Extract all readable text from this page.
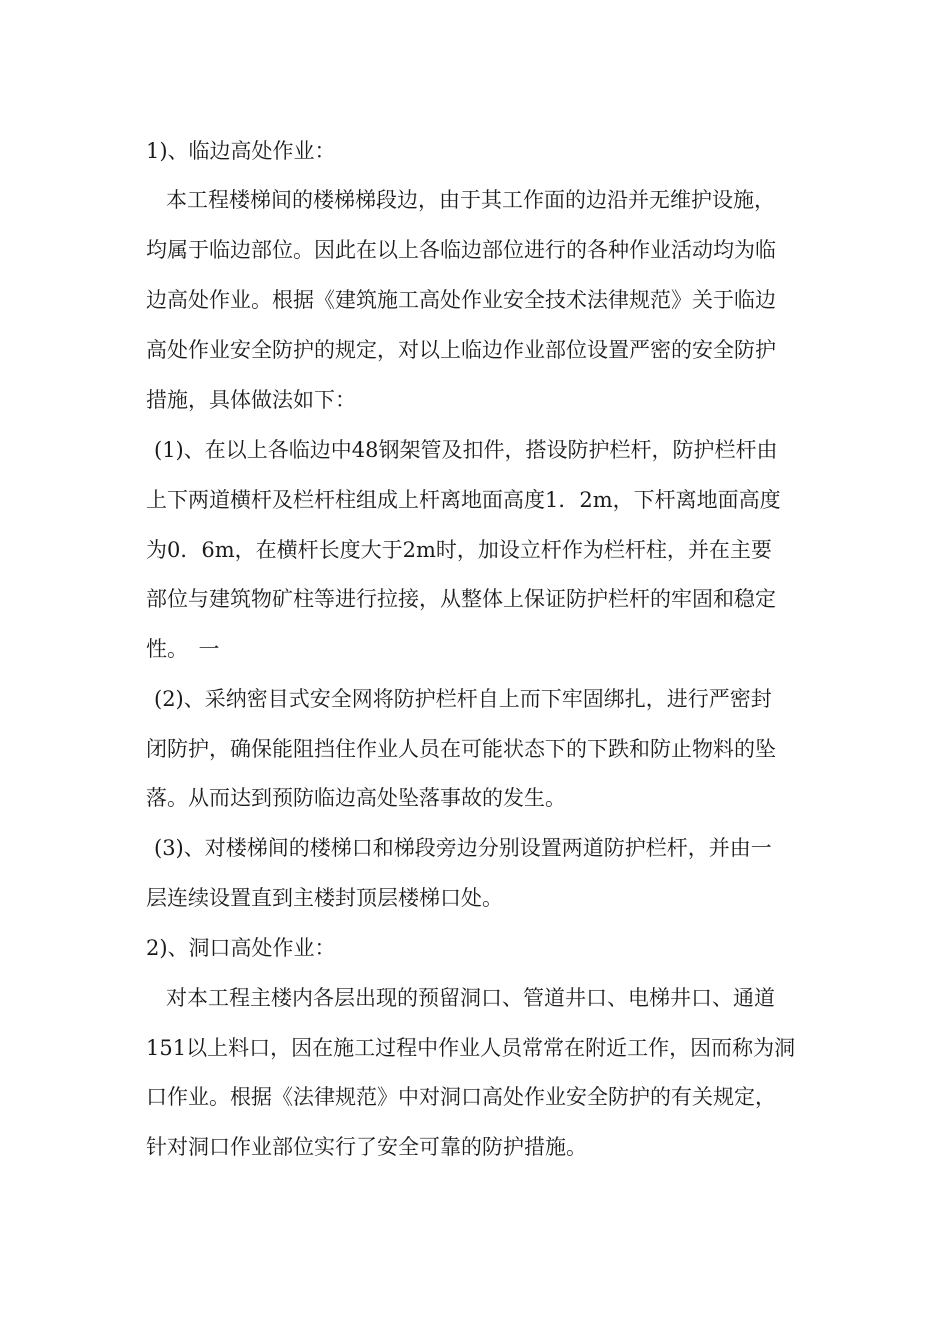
1)、临边高处作业：
本工程楼梯间的楼梯梯段边，由于其工作面的边沿并无维护设施，
均属于临边部位。因此在以上各临边部位进行的各种作业活动均为临
边高处作业。根据《建筑施工高处作业安全技术法律规范》关于临边
高处作业安全防护的规定，对以上临边作业部位设置严密的安全防护
措施，具体做法如下：
(1)、在以上各临边中48钢架管及扣件，搭设防护栏杆，防护栏杆由
上下两道横杆及栏杆柱组成上杆离地面高度1．2m，下杆离地面高度
为0．6m，在横杆长度大于2m时，加设立杆作为栏杆柱，并在主要
部位与建筑物矿柱等进行拉接，从整体上保证防护栏杆的牢固和稳定
性。　一
(2)、采纳密目式安全网将防护栏杆自上而下牢固绑扎，进行严密封
闭防护，确保能阻挡住作业人员在可能状态下的下跌和防止物料的坠
落。从而达到预防临边高处坠落事故的发生。
(3)、对楼梯间的楼梯口和梯段旁边分别设置两道防护栏杆，并由一
层连续设置直到主楼封顶层楼梯口处。
2)、洞口高处作业：
对本工程主楼内各层出现的预留洞口、管道井口、电梯井口、通道
151以上料口，因在施工过程中作业人员常常在附近工作，因而称为洞
口作业。根据《法律规范》中对洞口高处作业安全防护的有关规定，
针对洞口作业部位实行了安全可靠的防护措施。
